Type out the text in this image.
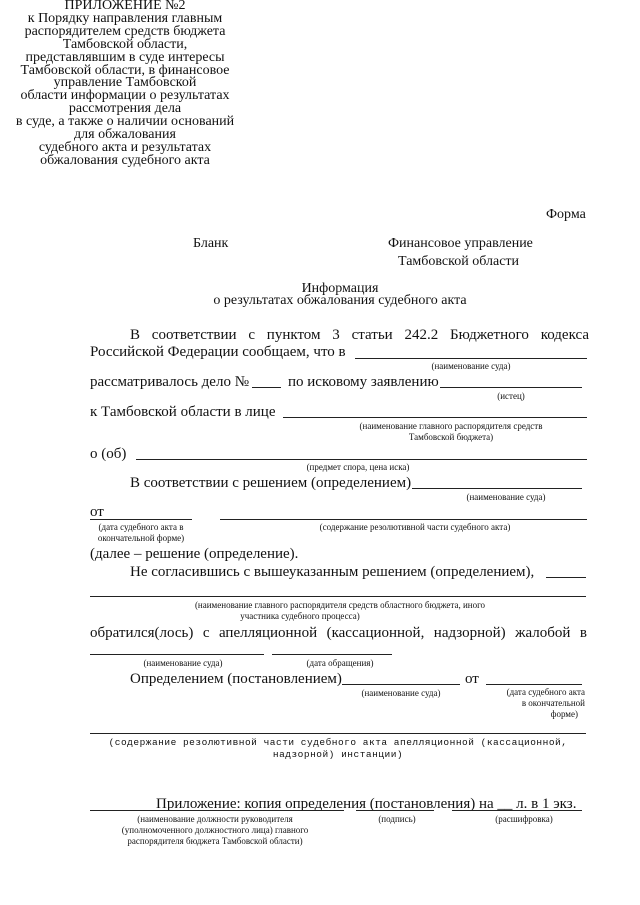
ПРИЛОЖЕНИЕ №2
к Порядку направления главным
распорядителем средств бюджета
Тамбовской области,
представлявшим в суде интересы
Тамбовской области, в финансовое
управление Тамбовской
области информации о результатах
рассмотрения дела
в суде, а также о наличии оснований
для обжалования
судебного акта и результатах
обжалования судебного акта
Форма
Бланк	Финансовое управление
Тамбовской области
Информация
о результатах обжалования судебного акта
В соответствии с пунктом 3 статьи 242.2 Бюджетного кодекса
Российской Федерации сообщаем, что в
(наименование суда)
рассматривалось дело №	по исковому заявлению
(истец)
к Тамбовской области в лице
(наименование главного распорядителя средств
Тамбовской бюджета)
о (об)
(предмет спора, цена иска)
В соответствии с решением (определением)
(наименование суда)
от
(дата судебного акта в
окончательной форме)
(содержание резолютивной части судебного акта)
(далее – решение (определение).
Не согласившись с вышеуказанным решением (определением),
(наименование главного распорядителя средств областного бюджета, иного
участника судебного процесса)
обратился(лось) с апелляционной (кассационной, надзорной) жалобой в
(наименование суда)	(дата обращения)
Определением (постановлением)	от
(наименование суда)	(дата судебного акта
в окончательной
форме)
(содержание резолютивной части судебного акта апелляционной (кассационной,
надзорной) инстанции)
Приложение: копия определения (постановления) на __ л. в 1 экз.
(наименование должности руководителя
(уполномоченного должностного лица) главного
распорядителя бюджета Тамбовской области)
(подпись)	(расшифровка)
